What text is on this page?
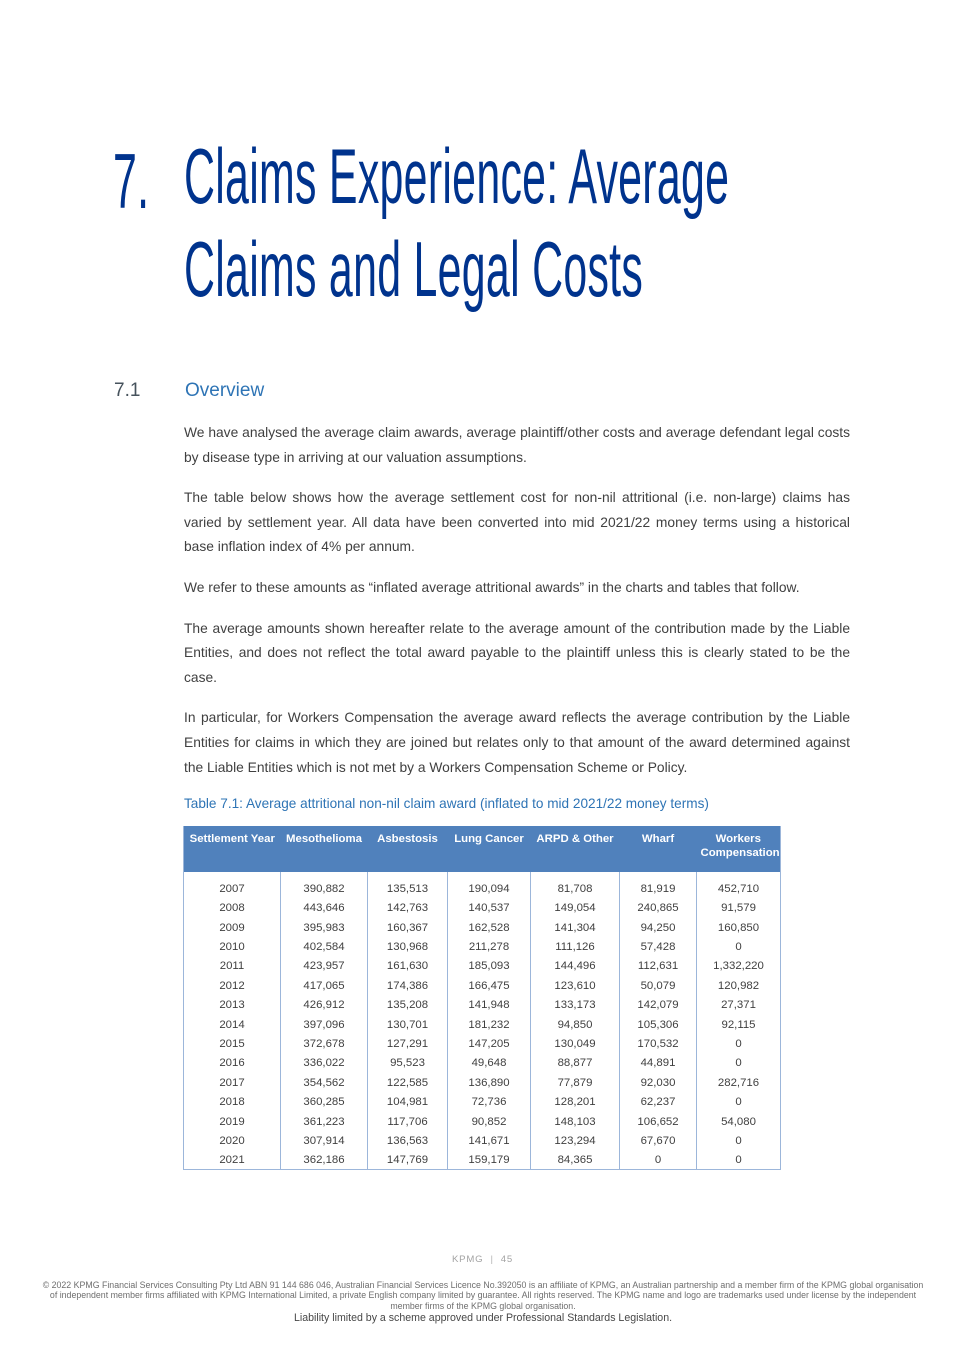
7. Claims Experience: Average
Claims and Legal Costs
7.1 Overview

We have analysed the average claim awards, average plaintiff/other costs and average defendant legal costs by disease type in arriving at our valuation assumptions.

The table below shows how the average settlement cost for non-nil attritional (i.e. non-large) claims has varied by settlement year. All data have been converted into mid 2021/22 money terms using a historical base inflation index of 4% per annum.

We refer to these amounts as “inflated average attritional awards” in the charts and tables that follow.

The average amounts shown hereafter relate to the average amount of the contribution made by the Liable Entities, and does not reflect the total award payable to the plaintiff unless this is clearly stated to be the case.

In particular, for Workers Compensation the average award reflects the average contribution by the Liable Entities for claims in which they are joined but relates only to that amount of the award determined against the Liable Entities which is not met by a Workers Compensation Scheme or Policy.

Table 7.1: Average attritional non-nil claim award (inflated to mid 2021/22 money terms)

Settlement Year	Mesothelioma	Asbestosis	Lung Cancer	ARPD & Other	Wharf	Workers Compensation

2007	390,882	135,513	190,094	81,708	81,919	452,710
2008	443,646	142,763	140,537	149,054	240,865	91,579
2009	395,983	160,367	162,528	141,304	94,250	160,850
2010	402,584	130,968	211,278	111,126	57,428	0
2011	423,957	161,630	185,093	144,496	112,631	1,332,220
2012	417,065	174,386	166,475	123,610	50,079	120,982
2013	426,912	135,208	141,948	133,173	142,079	27,371
2014	397,096	130,701	181,232	94,850	105,306	92,115
2015	372,678	127,291	147,205	130,049	170,532	0
2016	336,022	95,523	49,648	88,877	44,891	0
2017	354,562	122,585	136,890	77,879	92,030	282,716
2018	360,285	104,981	72,736	128,201	62,237	0
2019	361,223	117,706	90,852	148,103	106,652	54,080
2020	307,914	136,563	141,671	123,294	67,670	0
2021	362,186	147,769	159,179	84,365	0	0
KPMG | 45

© 2022 KPMG Financial Services Consulting Pty Ltd ABN 91 144 686 046, Australian Financial Services Licence No.392050 is an affiliate of KPMG, an Australian partnership and a member firm of the KPMG global organisation of independent member firms affiliated with KPMG International Limited, a private English company limited by guarantee. All rights reserved. The KPMG name and logo are trademarks used under license by the independent member firms of the KPMG global organisation.

Liability limited by a scheme approved under Professional Standards Legislation.
